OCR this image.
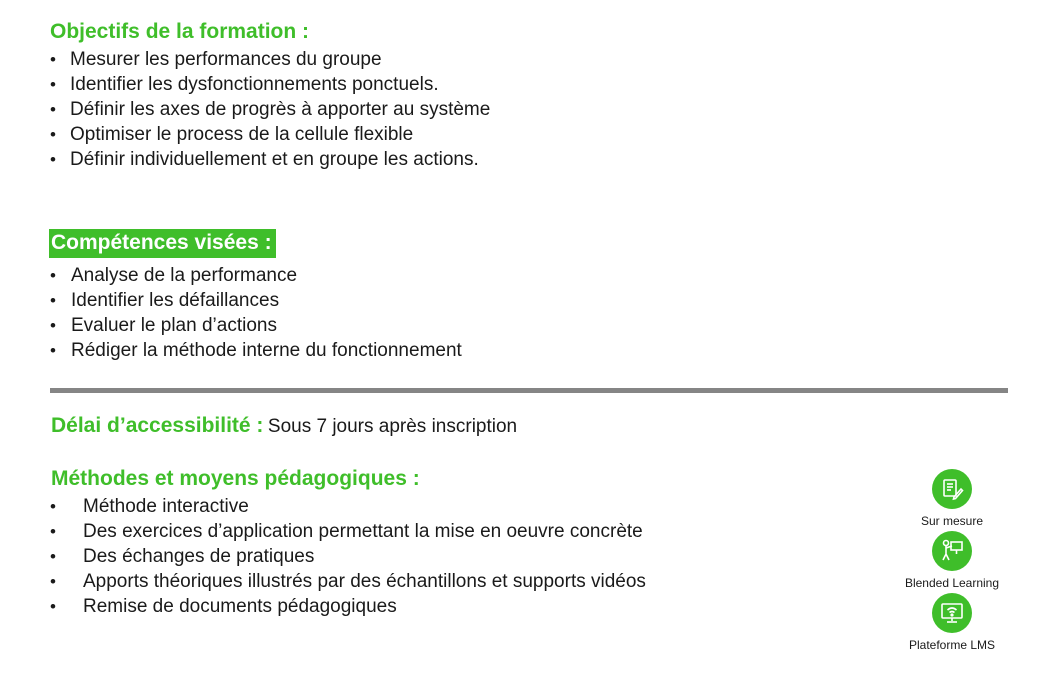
Objectifs de la formation :
• Mesurer les performances du groupe
• Identifier les dysfonctionnements ponctuels.
• Définir les axes de progrès à apporter au système
• Optimiser le process de la cellule flexible
• Définir individuellement et en groupe les actions.
Compétences visées :
• Analyse de la performance
• Identifier les défaillances
• Evaluer le plan d’actions
• Rédiger la méthode interne du fonctionnement
Délai d’accessibilité : Sous 7 jours après inscription
Méthodes et moyens pédagogiques :
• Méthode interactive
• Des exercices d’application permettant la mise en oeuvre concrète
• Des échanges de pratiques
• Apports théoriques illustrés par des échantillons et supports vidéos
• Remise de documents pédagogiques
Sur mesure
Blended Learning
Plateforme LMS
